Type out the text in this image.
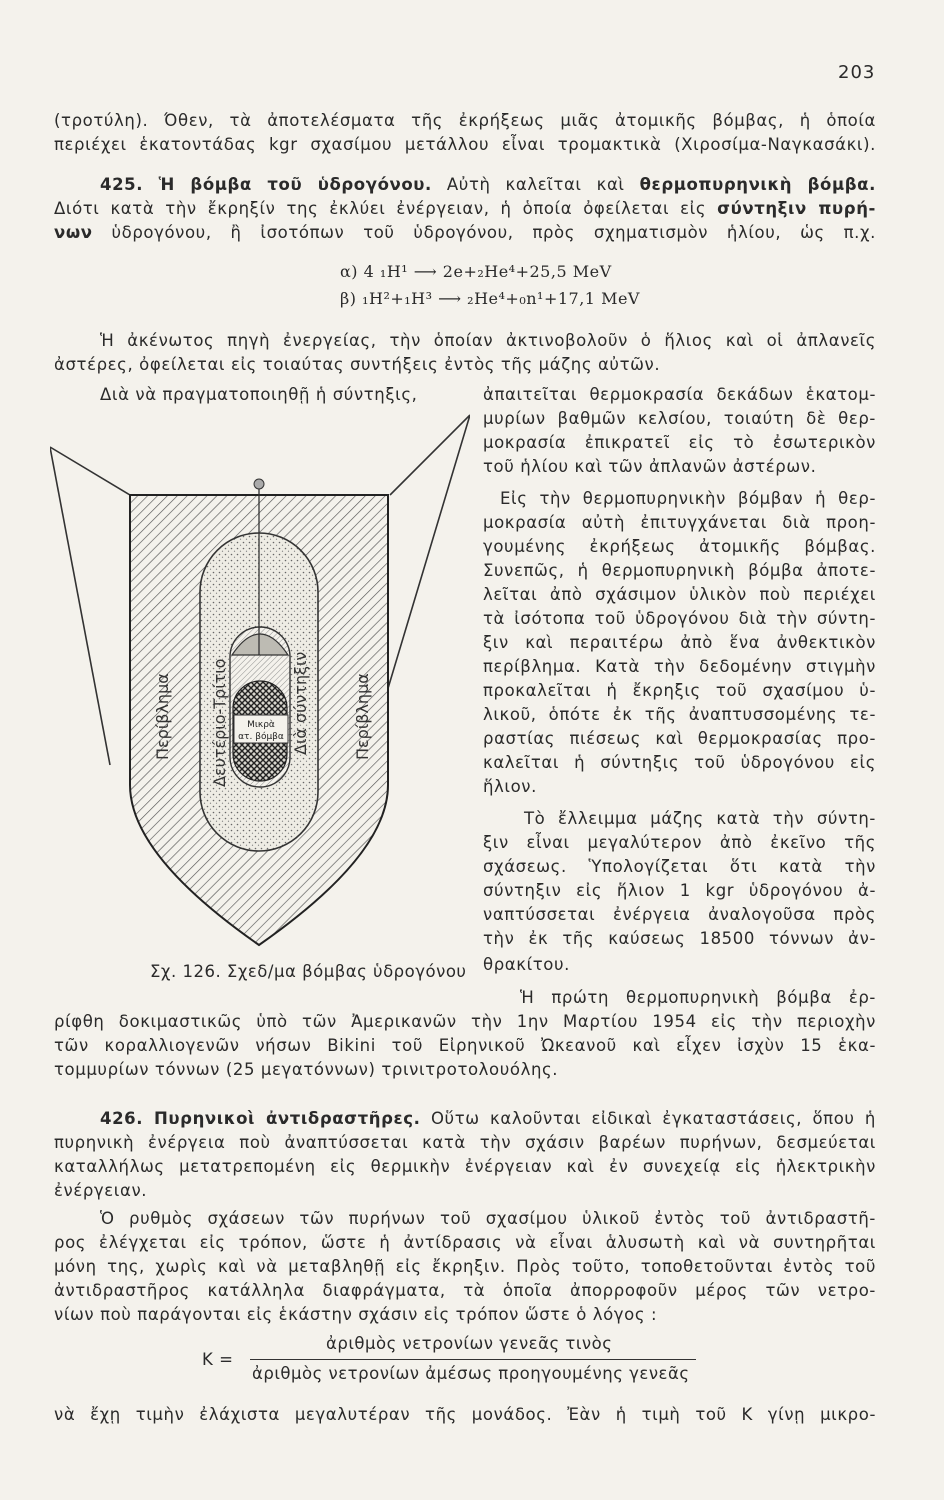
203
(τροτύλη). Όθεν, τὰ ἀποτελέσματα τῆς ἐκρήξεως μιᾶς ἀτομικῆς βόμβας, ἡ ὁποία
περιέχει ἑκατοντάδας kgr σχασίμου μετάλλου εἶναι τρομακτικὰ (Χιροσίμα-Ναγκασάκι).
425. Ἡ βόμβα τοῦ ὑδρογόνου. Αὐτὴ καλεῖται καὶ θερμοπυρηνικὴ βόμβα.
Διότι κατὰ τὴν ἔκρηξίν της ἐκλύει ἐνέργειαν, ἡ ὁποία ὀφείλεται εἰς σύντηξιν πυρή-
νων ὑδρογόνου, ἢ ἰσοτόπων τοῦ ὑδρογόνου, πρὸς σχηματισμὸν ἡλίου, ὡς π.χ.
α) 4 ₁H¹ ⟶ 2e+₂He⁴+25,5 MeV
β) ₁H²+₁H³ ⟶ ₂He⁴+₀n¹+17,1 MeV
Ἡ ἀκένωτος πηγὴ ἐνεργείας, τὴν ὁποίαν ἀκτινοβολοῦν ὁ ἥλιος καὶ οἱ ἀπλανεῖς
ἀστέρες, ὀφείλεται εἰς τοιαύτας συντήξεις ἐντὸς τῆς μάζης αὐτῶν.
Διὰ νὰ πραγματοποιηθῇ ἡ σύντηξις,	ἀπαιτεῖται θερμοκρασία δεκάδων ἑκατομ-
μυρίων βαθμῶν κελσίου, τοιαύτη δὲ θερ-
μοκρασία ἐπικρατεῖ εἰς τὸ ἐσωτερικὸν
τοῦ ἡλίου καὶ τῶν ἀπλανῶν ἀστέρων.
Εἰς τὴν θερμοπυρηνικὴν βόμβαν ἡ θερ-
μοκρασία αὐτὴ ἐπιτυγχάνεται διὰ προη-
γουμένης ἐκρήξεως ἀτομικῆς βόμβας.
Συνεπῶς, ἡ θερμοπυρηνικὴ βόμβα ἀποτε-
λεῖται ἀπὸ σχάσιμον ὑλικὸν ποὺ περιέχει
τὰ ἰσότοπα τοῦ ὑδρογόνου διὰ τὴν σύντη-
ξιν καὶ περαιτέρω ἀπὸ ἕνα ἀνθεκτικὸν
περίβλημα. Κατὰ τὴν δεδομένην στιγμὴν
προκαλεῖται ἡ ἔκρηξις τοῦ σχασίμου ὑ-
λικοῦ, ὁπότε ἐκ τῆς ἀναπτυσσομένης τε-
ραστίας πιέσεως καὶ θερμοκρασίας προ-
καλεῖται ἡ σύντηξις τοῦ ὑδρογόνου εἰς
ἥλιον.
Τὸ ἔλλειμμα μάζης κατὰ τὴν σύντη-
ξιν εἶναι μεγαλύτερον ἀπὸ ἐκεῖνο τῆς
σχάσεως. Ὑπολογίζεται ὅτι κατὰ τὴν
σύντηξιν εἰς ἥλιον 1 kgr ὑδρογόνου ἀ-
ναπτύσσεται ἐνέργεια ἀναλογοῦσα πρὸς
τὴν ἐκ τῆς καύσεως 18500 τόννων ἀν-
θρακίτου.
Μικρὰ
ατ. βόμβα
Περίβλημα	Περίβλημα
Δευτέριο-Τρίτιο	Διὰ σύντηξιν
Σχ. 126. Σχεδ/μα βόμβας ὑδρογόνου
Ἡ πρώτη θερμοπυρηνικὴ βόμβα ἐρ-
ρίφθη δοκιμαστικῶς ὑπὸ τῶν Ἀμερικανῶν τὴν 1ην Μαρτίου 1954 εἰς τὴν περιοχὴν
τῶν κοραλλιογενῶν νήσων Bikini τοῦ Εἰρηνικοῦ Ὠκεανοῦ καὶ εἶχεν ἰσχὺν 15 ἑκα-
τομμυρίων τόννων (25 μεγατόννων) τρινιτροτολουόλης.
426. Πυρηνικοὶ ἀντιδραστῆρες. Οὕτω καλοῦνται εἰδικαὶ ἐγκαταστάσεις, ὅπου ἡ
πυρηνικὴ ἐνέργεια ποὺ ἀναπτύσσεται κατὰ τὴν σχάσιν βαρέων πυρήνων, δεσμεύεται
καταλλήλως μετατρεπομένη εἰς θερμικὴν ἐνέργειαν καὶ ἐν συνεχείᾳ εἰς ἠλεκτρικὴν
ἐνέργειαν.
Ὁ ρυθμὸς σχάσεων τῶν πυρήνων τοῦ σχασίμου ὑλικοῦ ἐντὸς τοῦ ἀντιδραστῆ-
ρος ἐλέγχεται εἰς τρόπον, ὥστε ἡ ἀντίδρασις νὰ εἶναι ἁλυσωτὴ καὶ νὰ συντηρῆται
μόνη της, χωρὶς καὶ νὰ μεταβληθῇ εἰς ἔκρηξιν. Πρὸς τοῦτο, τοποθετοῦνται ἐντὸς τοῦ
ἀντιδραστῆρος κατάλληλα διαφράγματα, τὰ ὁποῖα ἀπορροφοῦν μέρος τῶν νετρο-
νίων ποὺ παράγονται εἰς ἑκάστην σχάσιν εἰς τρόπον ὥστε ὁ λόγος :
K =
ἀριθμὸς νετρονίων γενεᾶς τινὸς
ἀριθμὸς νετρονίων ἀμέσως προηγουμένης γενεᾶς
νὰ ἔχῃ τιμὴν ἐλάχιστα μεγαλυτέραν τῆς μονάδος. Ἐὰν ἡ τιμὴ τοῦ K γίνῃ μικρο-
